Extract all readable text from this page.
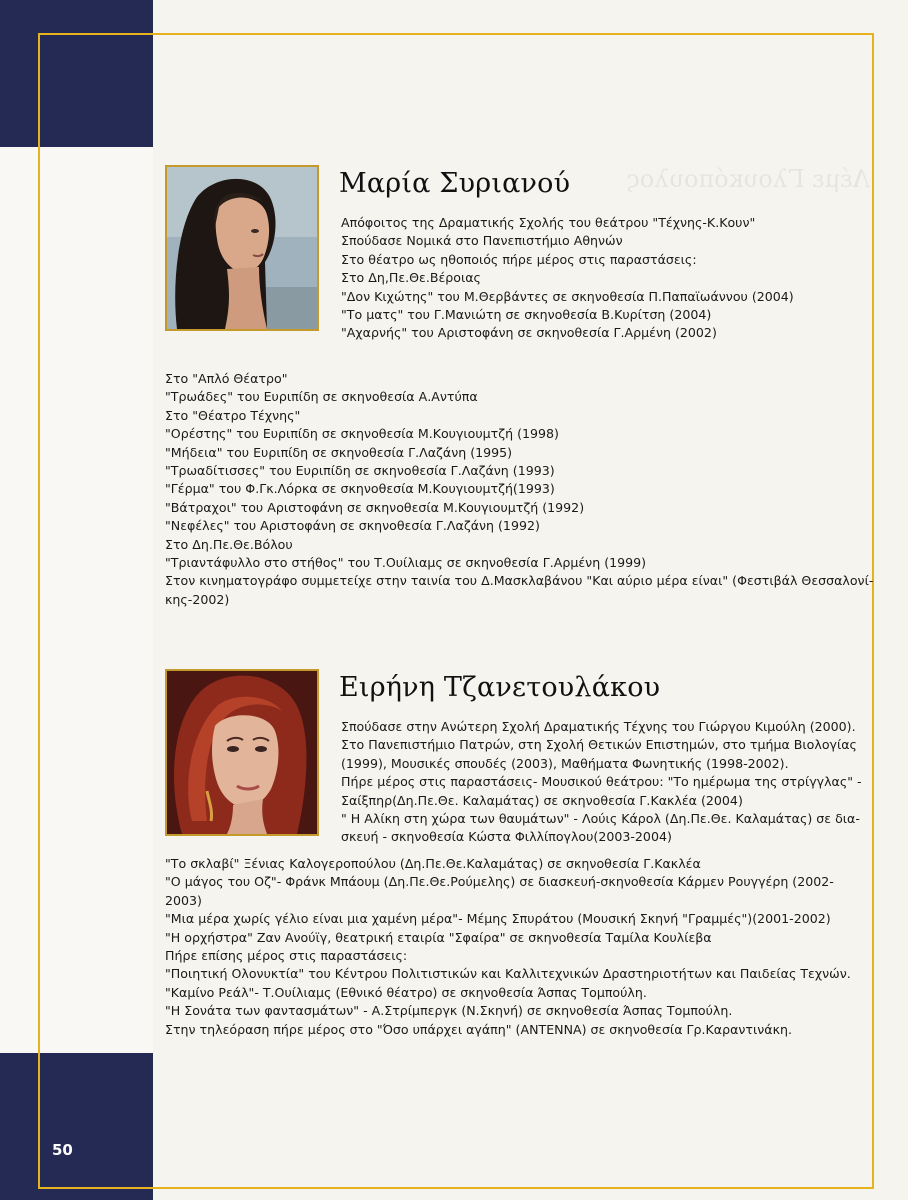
Λέμε Γλουκόπουλος
Μαρία Συριανού
Απόφοιτος της Δραματικής Σχολής του θεάτρου "Τέχνης-Κ.Κουν"
Σπούδασε Νομικά στο Πανεπιστήμιο Αθηνών
Στο θέατρο ως ηθοποιός πήρε μέρος στις παραστάσεις:
Στο Δη,Πε.Θε.Βέροιας
"Δον Κιχώτης" του Μ.Θερβάντες σε σκηνοθεσία Π.Παπαϊωάννου (2004)
"Το ματς" του Γ.Μανιώτη σε σκηνοθεσία Β.Κυρίτση (2004)
"Αχαρνής" του Αριστοφάνη σε σκηνοθεσία Γ.Αρμένη (2002)
Στο "Απλό Θέατρο"
"Τρωάδες" του Ευριπίδη σε σκηνοθεσία Α.Αντύπα
Στο "Θέατρο Τέχνης"
"Ορέστης" του Ευριπίδη σε σκηνοθεσία Μ.Κουγιουμτζή (1998)
"Μήδεια" του Ευριπίδη σε σκηνοθεσία Γ.Λαζάνη (1995)
"Τρωαδίτισσες" του Ευριπίδη σε σκηνοθεσία Γ.Λαζάνη (1993)
"Γέρμα" του Φ.Γκ.Λόρκα σε σκηνοθεσία Μ.Κουγιουμτζή(1993)
"Βάτραχοι" του Αριστοφάνη σε σκηνοθεσία Μ.Κουγιουμτζή (1992)
"Νεφέλες" του Αριστοφάνη σε σκηνοθεσία Γ.Λαζάνη (1992)
Στο Δη.Πε.Θε.Βόλου
"Τριαντάφυλλο στο στήθος" του Τ.Ουίλιαμς σε σκηνοθεσία Γ.Αρμένη (1999)
Στον κινηματογράφο συμμετείχε στην ταινία του Δ.Μασκλαβάνου "Και αύριο μέρα είναι" (Φεστιβάλ Θεσσαλονί-
κης-2002)
Ειρήνη Τζανετουλάκου
Σπούδασε στην Ανώτερη Σχολή Δραματικής Τέχνης του Γιώργου Κιμούλη (2000).
Στο Πανεπιστήμιο Πατρών, στη Σχολή Θετικών Επιστημών, στο τμήμα Βιολογίας
(1999), Μουσικές σπουδές (2003), Μαθήματα Φωνητικής (1998-2002).
Πήρε μέρος στις παραστάσεις- Μουσικού θεάτρου: "Το ημέρωμα της στρίγγλας" -
Σαίξπηρ(Δη.Πε.Θε. Καλαμάτας) σε σκηνοθεσία Γ.Κακλέα (2004)
" Η Αλίκη στη χώρα των θαυμάτων" - Λούις Κάρολ (Δη.Πε.Θε. Καλαμάτας) σε δια-
σκευή - σκηνοθεσία Κώστα Φιλλίπογλου(2003-2004)
"Το σκλαβί" Ξένιας Καλογεροπούλου (Δη.Πε.Θε.Καλαμάτας) σε σκηνοθεσία Γ.Κακλέα
"Ο μάγος του Οζ"- Φράνκ Μπάουμ (Δη.Πε.Θε.Ρούμελης) σε διασκευή-σκηνοθεσία Κάρμεν Ρουγγέρη (2002-
2003)
"Μια μέρα χωρίς γέλιο είναι μια χαμένη μέρα"- Μέμης Σπυράτου (Μουσική Σκηνή "Γραμμές")(2001-2002)
"Η ορχήστρα" Ζαν Ανούϊγ, θεατρική εταιρία "Σφαίρα" σε σκηνοθεσία Ταμίλα Κουλίεβα
Πήρε επίσης μέρος στις παραστάσεις:
"Ποιητική Ολονυκτία" του Κέντρου Πολιτιστικών και Καλλιτεχνικών Δραστηριοτήτων και Παιδείας Τεχνών.
"Καμίνο Ρεάλ"- Τ.Ουίλιαμς (Εθνικό θέατρο) σε σκηνοθεσία Άσπας Τομπούλη.
"Η Σονάτα των φαντασμάτων" - Α.Στρίμπεργκ (Ν.Σκηνή) σε σκηνοθεσία Άσπας Τομπούλη.
Στην τηλεόραση πήρε μέρος στο "Όσο υπάρχει αγάπη" (ANTENNA) σε σκηνοθεσία Γρ.Καραντινάκη.
50
